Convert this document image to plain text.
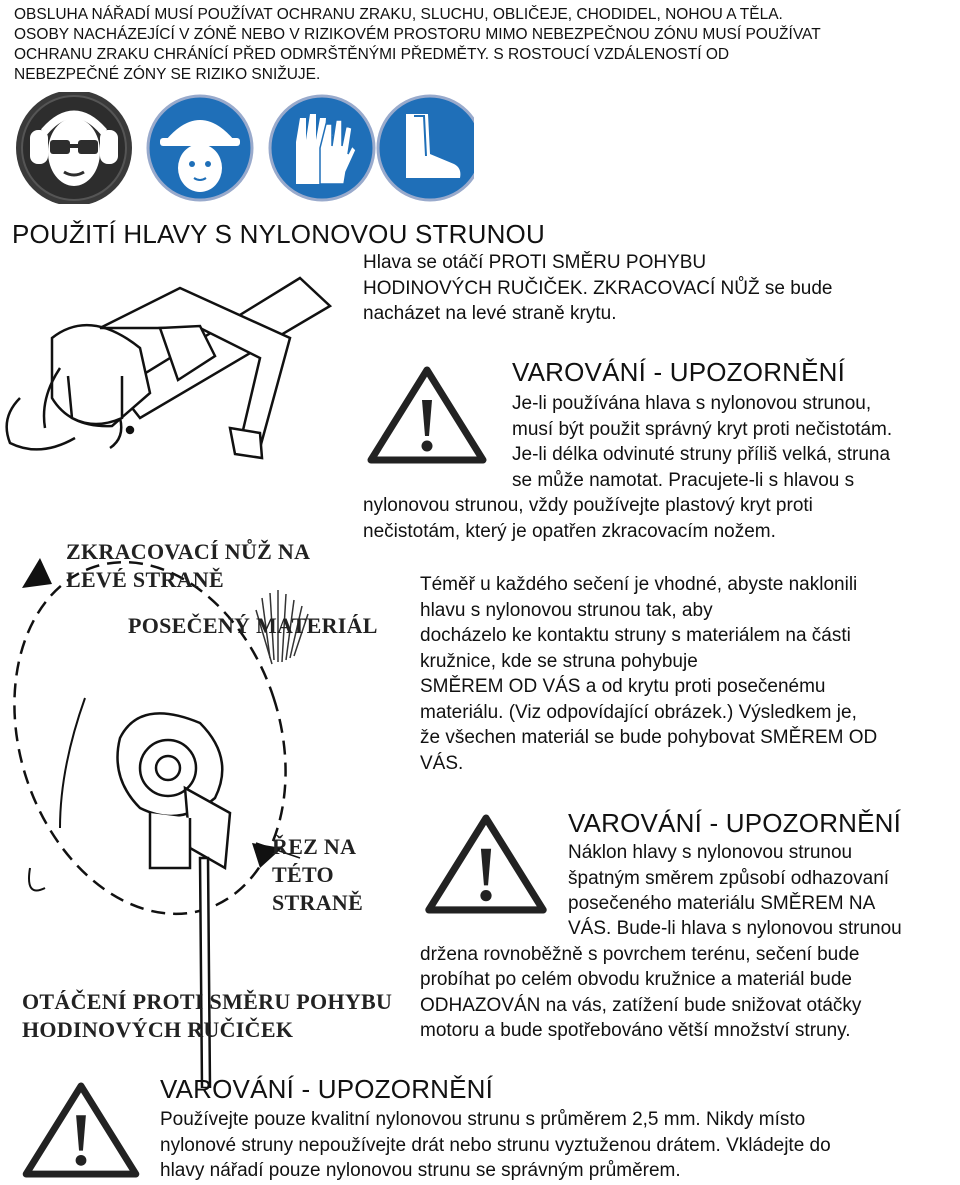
OBSLUHA NÁŘADÍ MUSÍ POUŽÍVAT OCHRANU ZRAKU, SLUCHU, OBLIČEJE, CHODIDEL, NOHOU A TĚLA.
OSOBY NACHÁZEJÍCÍ V ZÓNĚ NEBO V RIZIKOVÉM PROSTORU MIMO NEBEZPEČNOU ZÓNU MUSÍ POUŽÍVAT
OCHRANU ZRAKU CHRÁNÍCÍ PŘED ODMRŠTĚNÝMI PŘEDMĚTY. S ROSTOUCÍ VZDÁLENOSTÍ OD
NEBEZPEČNÉ ZÓNY SE RIZIKO SNIŽUJE.
POUŽITÍ HLAVY S NYLONOVOU STRUNOU
Hlava se otáčí PROTI SMĚRU POHYBU
HODINOVÝCH RUČIČEK. ZKRACOVACÍ NŮŽ se bude
nacházet na levé straně krytu.
ZKRACOVACÍ NŮŽ NA
LEVÉ STRANĚ
POSEČENÝ MATERIÁL
ŘEZ NA
TÉTO
STRANĚ
OTÁČENÍ PROTI SMĚRU POHYBU
HODINOVÝCH RUČIČEK
VAROVÁNÍ - UPOZORNĚNÍ
Je-li používána hlava s nylonovou strunou,
musí být použit správný kryt proti nečistotám.
Je-li délka odvinuté struny příliš velká, struna
se může namotat. Pracujete-li s hlavou s
nylonovou strunou, vždy používejte plastový kryt proti
nečistotám, který je opatřen zkracovacím nožem.
Téměř u každého sečení je vhodné, abyste naklonili
hlavu s nylonovou strunou tak, aby
docházelo ke kontaktu struny s materiálem na části
kružnice, kde se struna pohybuje
SMĚREM OD VÁS a od krytu proti posečenému
materiálu. (Viz odpovídající obrázek.) Výsledkem je,
že všechen materiál se bude pohybovat SMĚREM OD
VÁS.
VAROVÁNÍ - UPOZORNĚNÍ
Náklon hlavy s nylonovou strunou
špatným směrem způsobí odhazovaní
posečeného materiálu SMĚREM NA
VÁS. Bude-li hlava s nylonovou strunou
držena rovnoběžně s povrchem terénu, sečení bude
probíhat po celém obvodu kružnice a materiál bude
ODHAZOVÁN na vás, zatížení bude snižovat otáčky
motoru a bude spotřebováno větší množství struny.
VAROVÁNÍ - UPOZORNĚNÍ
Používejte pouze kvalitní nylonovou strunu s průměrem 2,5 mm. Nikdy místo
nylonové struny nepoužívejte drát nebo strunu vyztuženou drátem. Vkládejte do
hlavy nářadí pouze nylonovou strunu se správným průměrem.
